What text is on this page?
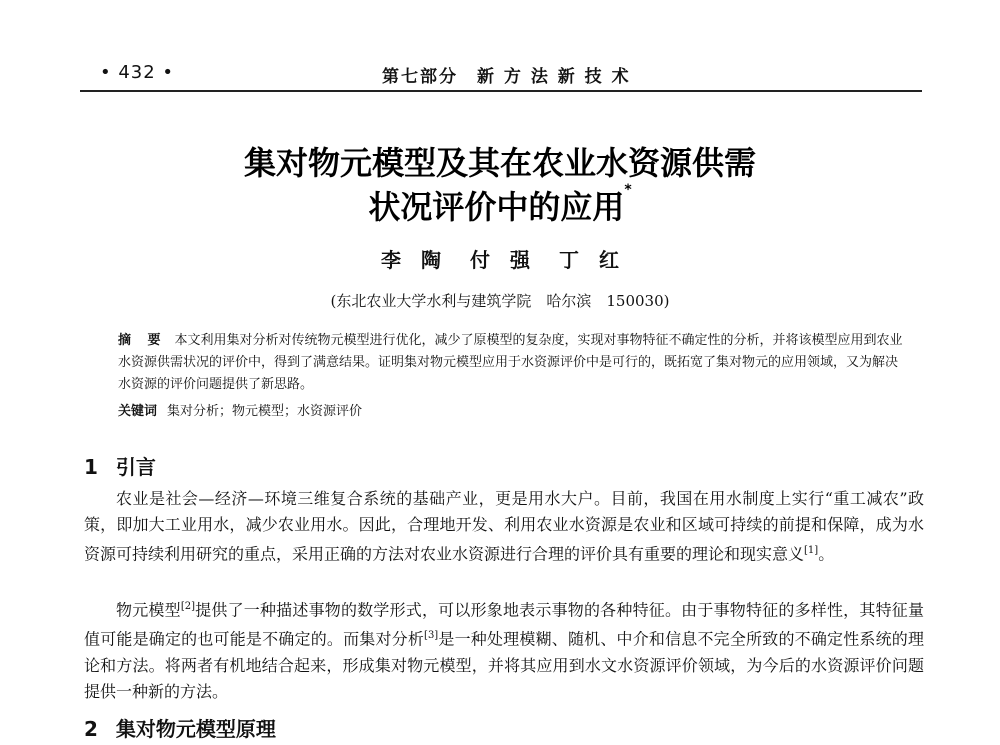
• 432 •	第七部分　新 方 法 新 技 术
集对物元模型及其在农业水资源供需
状况评价中的应用*
李　陶 付　强 丁　红
(东北农业大学水利与建筑学院　哈尔滨　150030)
摘 要 本文利用集对分析对传统物元模型进行优化，减少了原模型的复杂度，实现对事物特征不确定性的分析，并将该模型应用到农业水资源供需状况的评价中，得到了满意结果。证明集对物元模型应用于水资源评价中是可行的，既拓宽了集对物元的应用领域，又为解决水资源的评价问题提供了新思路。
关键词 集对分析；物元模型；水资源评价
1 引言

农业是社会—经济—环境三维复合系统的基础产业，更是用水大户。目前，我国在用水制度上实行“重工减农”政策，即加大工业用水，减少农业用水。因此，合理地开发、利用农业水资源是农业和区域可持续的前提和保障，成为水资源可持续利用研究的重点，采用正确的方法对农业水资源进行合理的评价具有重要的理论和现实意义[1]。

物元模型[2]提供了一种描述事物的数学形式，可以形象地表示事物的各种特征。由于事物特征的多样性，其特征量值可能是确定的也可能是不确定的。而集对分析[3]是一种处理模糊、随机、中介和信息不完全所致的不确定性系统的理论和方法。将两者有机地结合起来，形成集对物元模型，并将其应用到水文水资源评价领域，为今后的水资源评价问题提供一种新的方法。

2 集对物元模型原理
